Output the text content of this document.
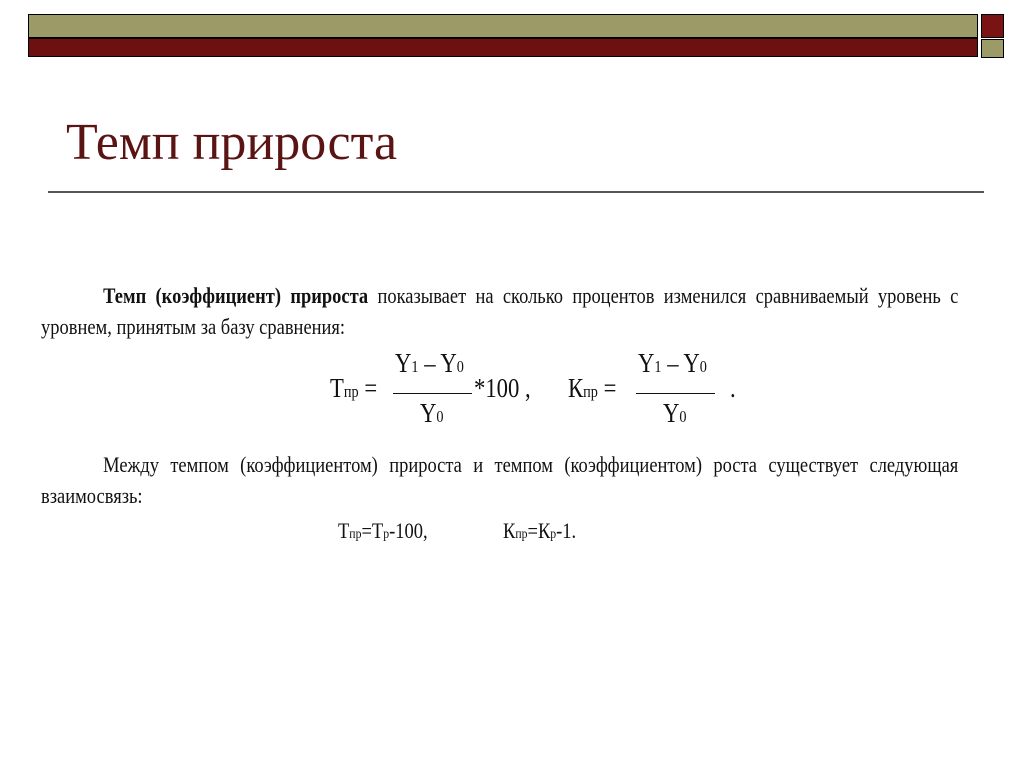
Темп прироста
Темп (коэффициент) прироста показывает на сколько процентов изменился сравниваемый уровень с уровнем, принятым за базу сравнения:
Тпр =
Y1 – Y0
Y0
*100 , Кпр =
Y1 – Y0
Y0
.
Между темпом (коэффициентом) прироста и темпом (коэффициентом) роста существует следующая взаимосвязь:
Тпр=Тр-100,	Кпр=Кр-1.
